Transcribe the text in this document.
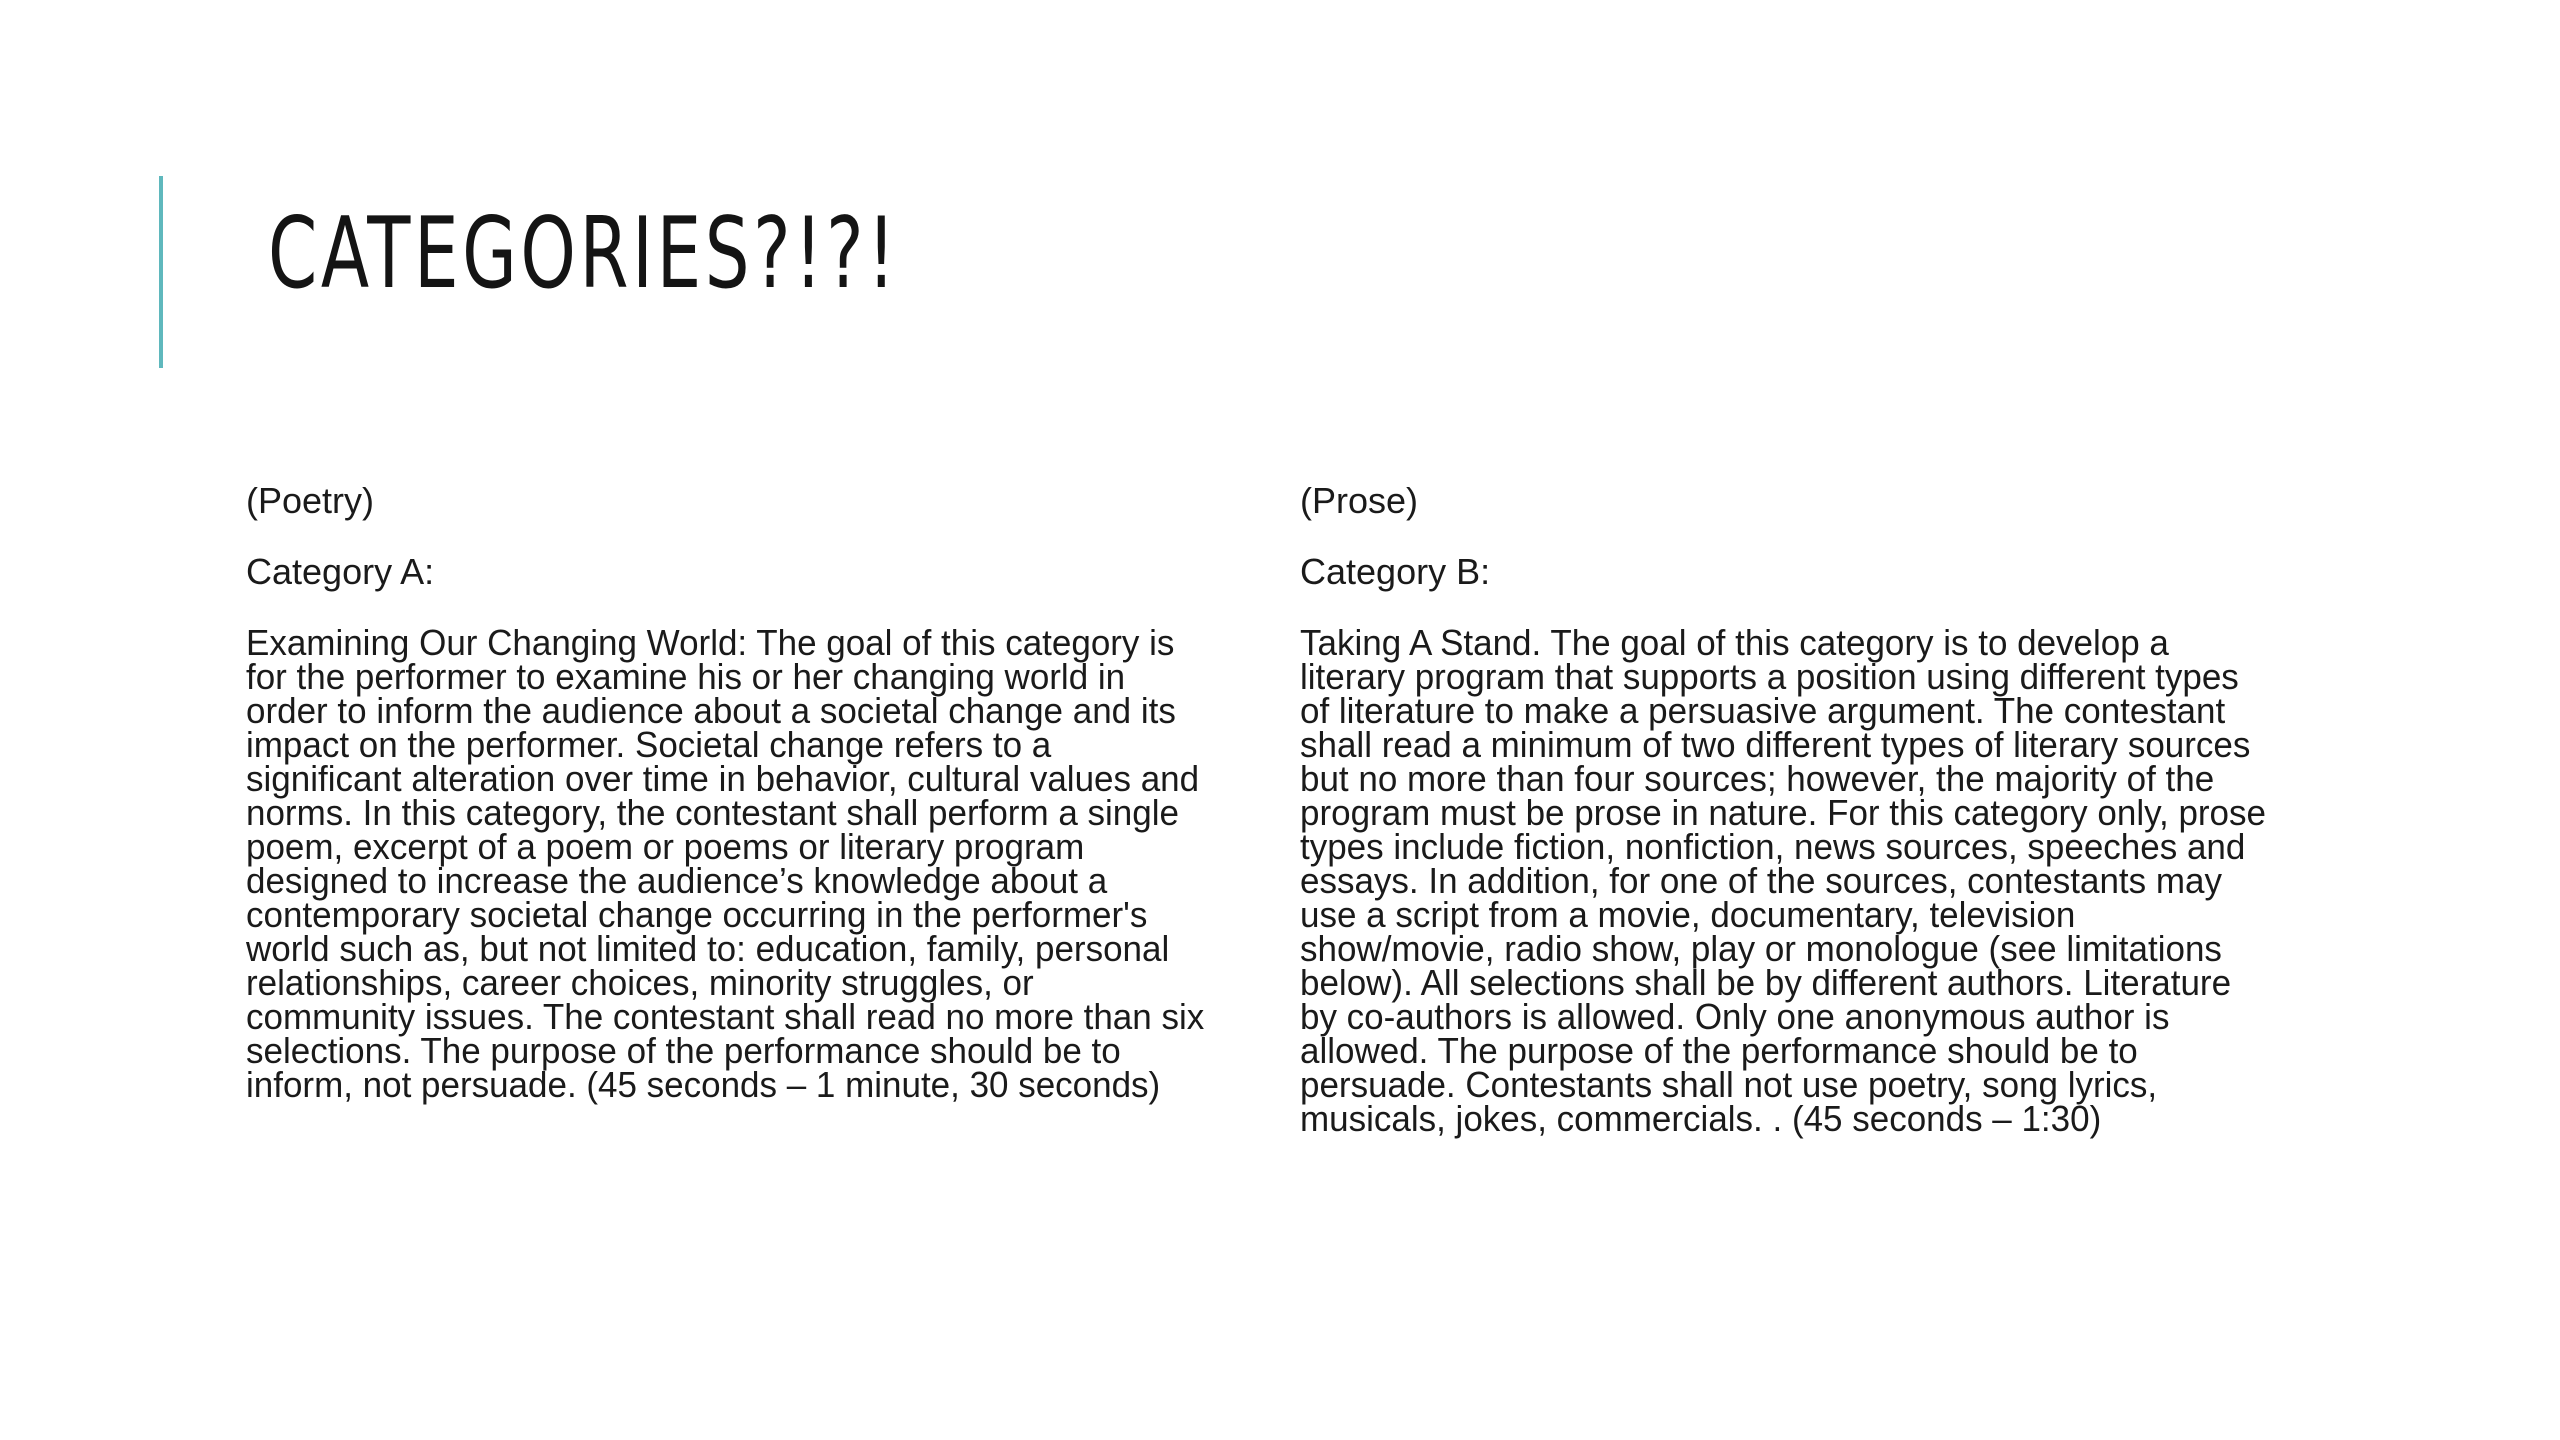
CATEGORIES?!?!

(Poetry)

Category A:

Examining Our Changing World: The goal of this category is for the performer to examine his or her changing world in order to inform the audience about a societal change and its impact on the performer. Societal change refers to a significant alteration over time in behavior, cultural values and norms. In this category, the contestant shall perform a single poem, excerpt of a poem or poems or literary program designed to increase the audience’s knowledge about a contemporary societal change occurring in the performer's world such as, but not limited to: education, family, personal relationships, career choices, minority struggles, or community issues. The contestant shall read no more than six selections. The purpose of the performance should be to inform, not persuade. (45 seconds – 1 minute, 30 seconds)

(Prose)

Category B:

Taking A Stand. The goal of this category is to develop a literary program that supports a position using different types of literature to make a persuasive argument. The contestant shall read a minimum of two different types of literary sources but no more than four sources; however, the majority of the program must be prose in nature. For this category only, prose types include fiction, nonfiction, news sources, speeches and essays. In addition, for one of the sources, contestants may use a script from a movie, documentary, television show/movie, radio show, play or monologue (see limitations below). All selections shall be by different authors. Literature by co-authors is allowed. Only one anonymous author is allowed. The purpose of the performance should be to persuade. Contestants shall not use poetry, song lyrics, musicals, jokes, commercials. . (45 seconds – 1:30)
